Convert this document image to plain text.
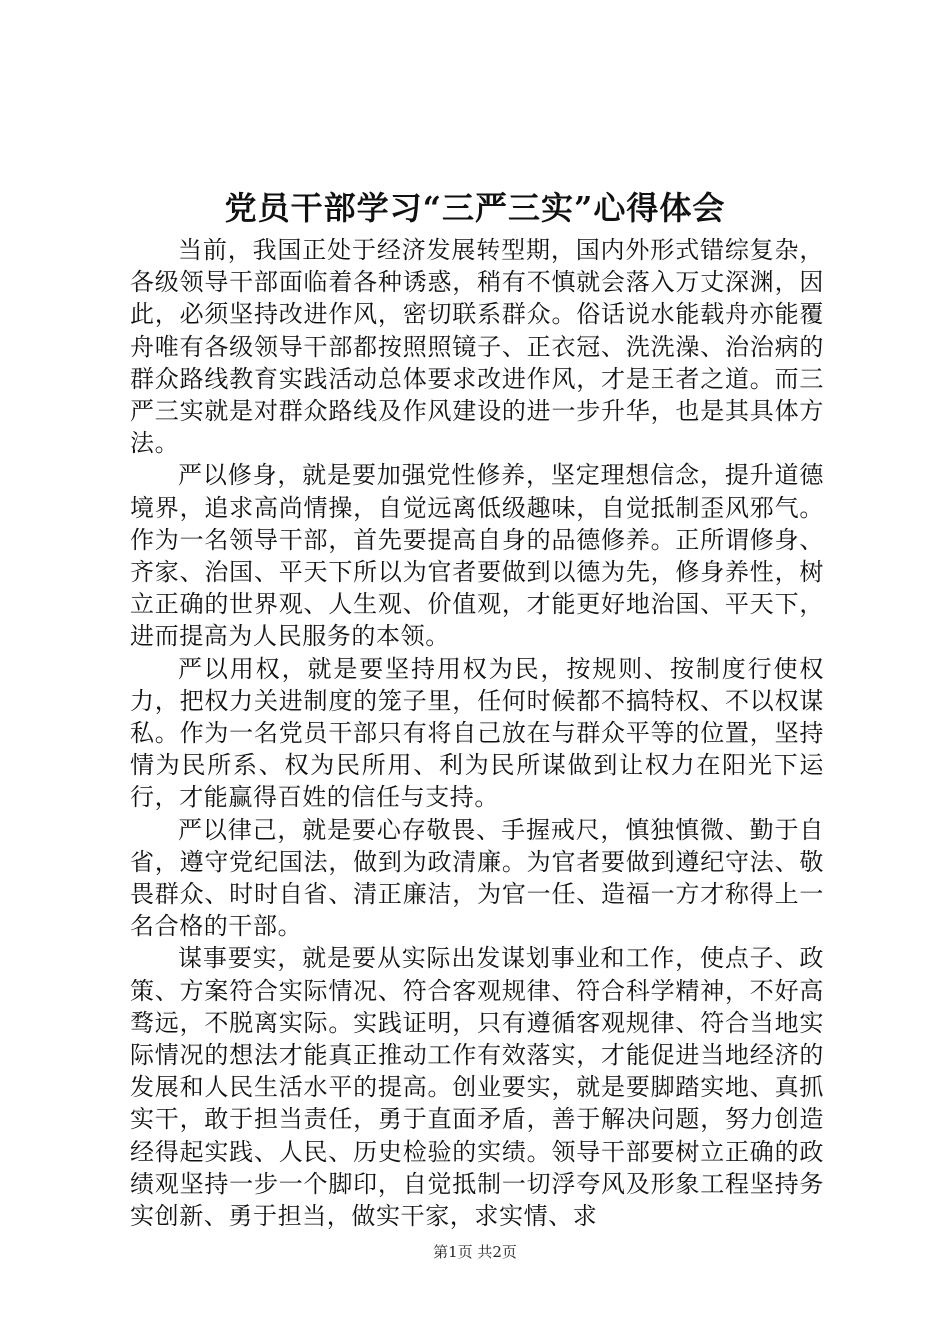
党员干部学习“三严三实”心得体会

当前，我国正处于经济发展转型期，国内外形式错综复杂，各级领导干部面临着各种诱惑，稍有不慎就会落入万丈深渊，因此，必须坚持改进作风，密切联系群众。俗话说水能载舟亦能覆舟唯有各级领导干部都按照照镜子、正衣冠、洗洗澡、治治病的群众路线教育实践活动总体要求改进作风，才是王者之道。而三严三实就是对群众路线及作风建设的进一步升华，也是其具体方法。

严以修身，就是要加强党性修养，坚定理想信念，提升道德境界，追求高尚情操，自觉远离低级趣味，自觉抵制歪风邪气。作为一名领导干部，首先要提高自身的品德修养。正所谓修身、齐家、治国、平天下所以为官者要做到以德为先，修身养性，树立正确的世界观、人生观、价值观，才能更好地治国、平天下，进而提高为人民服务的本领。

严以用权，就是要坚持用权为民，按规则、按制度行使权力，把权力关进制度的笼子里，任何时候都不搞特权、不以权谋私。作为一名党员干部只有将自己放在与群众平等的位置，坚持情为民所系、权为民所用、利为民所谋做到让权力在阳光下运行，才能赢得百姓的信任与支持。

严以律己，就是要心存敬畏、手握戒尺，慎独慎微、勤于自省，遵守党纪国法，做到为政清廉。为官者要做到遵纪守法、敬畏群众、时时自省、清正廉洁，为官一任、造福一方才称得上一名合格的干部。

谋事要实，就是要从实际出发谋划事业和工作，使点子、政策、方案符合实际情况、符合客观规律、符合科学精神，不好高骛远，不脱离实际。实践证明，只有遵循客观规律、符合当地实际情况的想法才能真正推动工作有效落实，才能促进当地经济的发展和人民生活水平的提高。创业要实，就是要脚踏实地、真抓实干，敢于担当责任，勇于直面矛盾，善于解决问题，努力创造经得起实践、人民、历史检验的实绩。领导干部要树立正确的政绩观坚持一步一个脚印，自觉抵制一切浮夸风及形象工程坚持务实创新、勇于担当，做实干家，求实情、求

第1页 共2页
